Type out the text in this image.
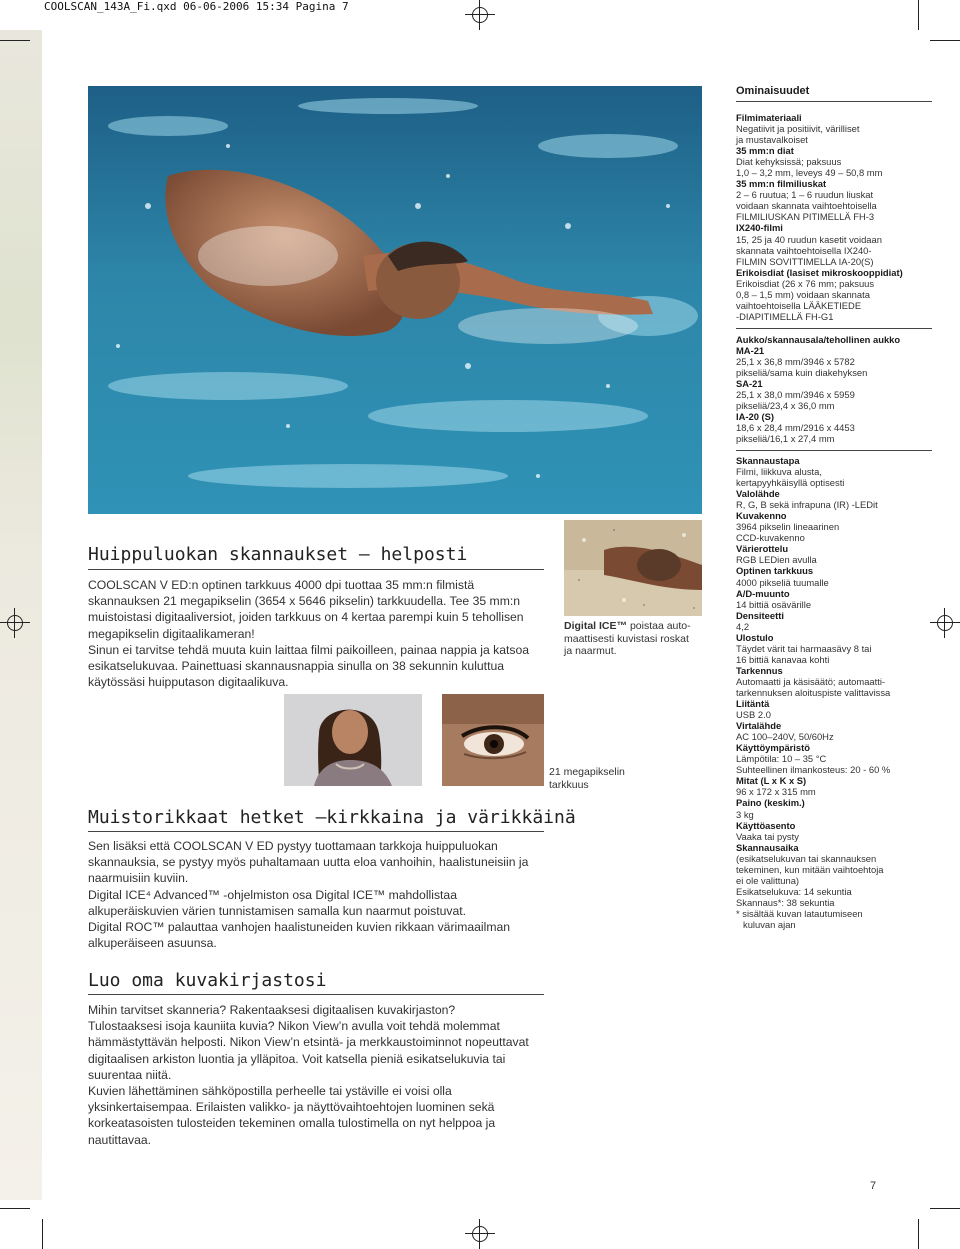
COOLSCAN_143A_Fi.qxd 06-06-2006 15:34 Pagina 7
Huippuluokan skannaukset — helposti

COOLSCAN V ED:n optinen tarkkuus 4000 dpi tuottaa 35 mm:n filmistä skannauksen 21 megapikselin (3654 x 5646 pikselin) tarkkuudella. Tee 35 mm:n muistoistasi digitaaliversiot, joiden tarkkuus on 4 kertaa parempi kuin 5 tehollisen megapikselin digitaalikameran!

Sinun ei tarvitse tehdä muuta kuin laittaa filmi paikoilleen, painaa nappia ja katsoa esikatselukuvaa. Painettuasi skannausnappia sinulla on 38 sekunnin kuluttua käytössäsi huipputason digitaalikuva.

Digital ICE™ poistaa auto-maattisesti kuvistasi roskat ja naarmut.
21 megapikselin
tarkkuus
Muistorikkaat hetket —kirkkaina ja värikkäinä

Sen lisäksi että COOLSCAN V ED pystyy tuottamaan tarkkoja huippuluokan skannauksia, se pystyy myös puhaltamaan uutta eloa vanhoihin, haalistuneisiin ja naarmuisiin kuviin.

Digital ICE⁴ Advanced™ -ohjelmiston osa Digital ICE™ mahdollistaa alkuperäiskuvien värien tunnistamisen samalla kun naarmut poistuvat.

Digital ROC™ palauttaa vanhojen haalistuneiden kuvien rikkaan värimaailman alkuperäiseen asuunsa.

Luo oma kuvakirjastosi

Mihin tarvitset skanneria? Rakentaaksesi digitaalisen kuvakirjaston?

Tulostaaksesi isoja kauniita kuvia? Nikon View’n avulla voit tehdä molemmat hämmästyttävän helposti. Nikon View’n etsintä- ja merkkaustoiminnot nopeuttavat digitaalisen arkiston luontia ja ylläpitoa. Voit katsella pieniä esikatselukuvia tai suurentaa niitä.

Kuvien lähettäminen sähköpostilla perheelle tai ystäville ei voisi olla yksinkertaisempaa. Erilaisten valikko- ja näyttövaihtoehtojen luominen sekä korkeatasoisten tulosteiden tekeminen omalla tulostimella on nyt helppoa ja nautittavaa.

Ominaisuudet
Filmimateriaali
Negatiivit ja positiivit, värilliset
ja mustavalkoiset
35 mm:n diat
Diat kehyksissä; paksuus
1,0 – 3,2 mm, leveys 49 – 50,8 mm
35 mm:n filmiliuskat
2 – 6 ruutua; 1 – 6 ruudun liuskat
voidaan skannata vaihtoehtoisella
FILMILIUSKAN PITIMELLÄ FH-3
IX240-filmi
15, 25 ja 40 ruudun kasetit voidaan
skannata vaihtoehtoisella IX240-
FILMIN SOVITTIMELLA IA-20(S)
Erikoisdiat (lasiset mikroskooppidiat)
Erikoisdiat (26 x 76 mm; paksuus
0,8 – 1,5 mm) voidaan skannata
vaihtoehtoisella LÄÄKETIEDE
-DIAPITIMELLÄ FH-G1
Aukko/skannausala/tehollinen aukko
MA-21
25,1 x 36,8 mm/3946 x 5782
pikseliä/sama kuin diakehyksen
SA-21
25,1 x 38,0 mm/3946 x 5959
pikseliä/23,4 x 36,0 mm
IA-20 (S)
18,6 x 28,4 mm/2916 x 4453
pikseliä/16,1 x 27,4 mm
Skannaustapa
Filmi, liikkuva alusta,
kertapyyhkäisyllä optisesti
Valolähde
R, G, B sekä infrapuna (IR) -LEDit
Kuvakenno
3964 pikselin lineaarinen
CCD-kuvakenno
Värierottelu
RGB LEDien avulla
Optinen tarkkuus
4000 pikseliä tuumalle
A/D-muunto
14 bittiä osävärille
Densiteetti
4,2
Ulostulo
Täydet värit tai harmaasävy 8 tai
16 bittiä kanavaa kohti
Tarkennus
Automaatti ja käsisäätö; automaatti-
tarkennuksen aloituspiste valittavissa
Liitäntä
USB 2.0
Virtalähde
AC 100–240V, 50/60Hz
Käyttöympäristö
Lämpötila: 10 – 35 °C
Suhteellinen ilmankosteus: 20 - 60 %
Mitat (L x K x S)
96 x 172 x 315 mm
Paino (keskim.)
3 kg
Käyttöasento
Vaaka tai pysty
Skannausaika
(esikatselukuvan tai skannauksen
tekeminen, kun mitään vaihtoehtoja
ei ole valittuna)
Esikatselukuva: 14 sekuntia
Skannaus*: 38 sekuntia
* sisältää kuvan latautumiseen
kuluvan ajan
7
